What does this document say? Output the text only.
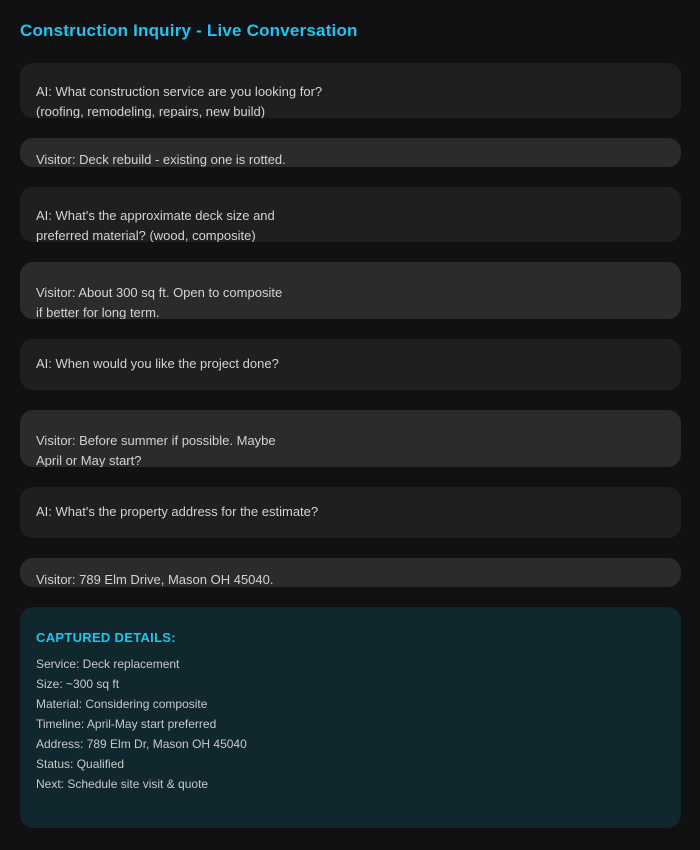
Construction Inquiry - Live Conversation
AI: What construction service are you looking for?
(roofing, remodeling, repairs, new build)
Visitor: Deck rebuild - existing one is rotted.
AI: What's the approximate deck size and
preferred material? (wood, composite)
Visitor: About 300 sq ft. Open to composite
if better for long term.
AI: When would you like the project done?
Visitor: Before summer if possible. Maybe
April or May start?
AI: What's the property address for the estimate?
Visitor: 789 Elm Drive, Mason OH 45040.
CAPTURED DETAILS:
Service: Deck replacement
Size: ~300 sq ft
Material: Considering composite
Timeline: April-May start preferred
Address: 789 Elm Dr, Mason OH 45040
Status: Qualified
Next: Schedule site visit & quote
